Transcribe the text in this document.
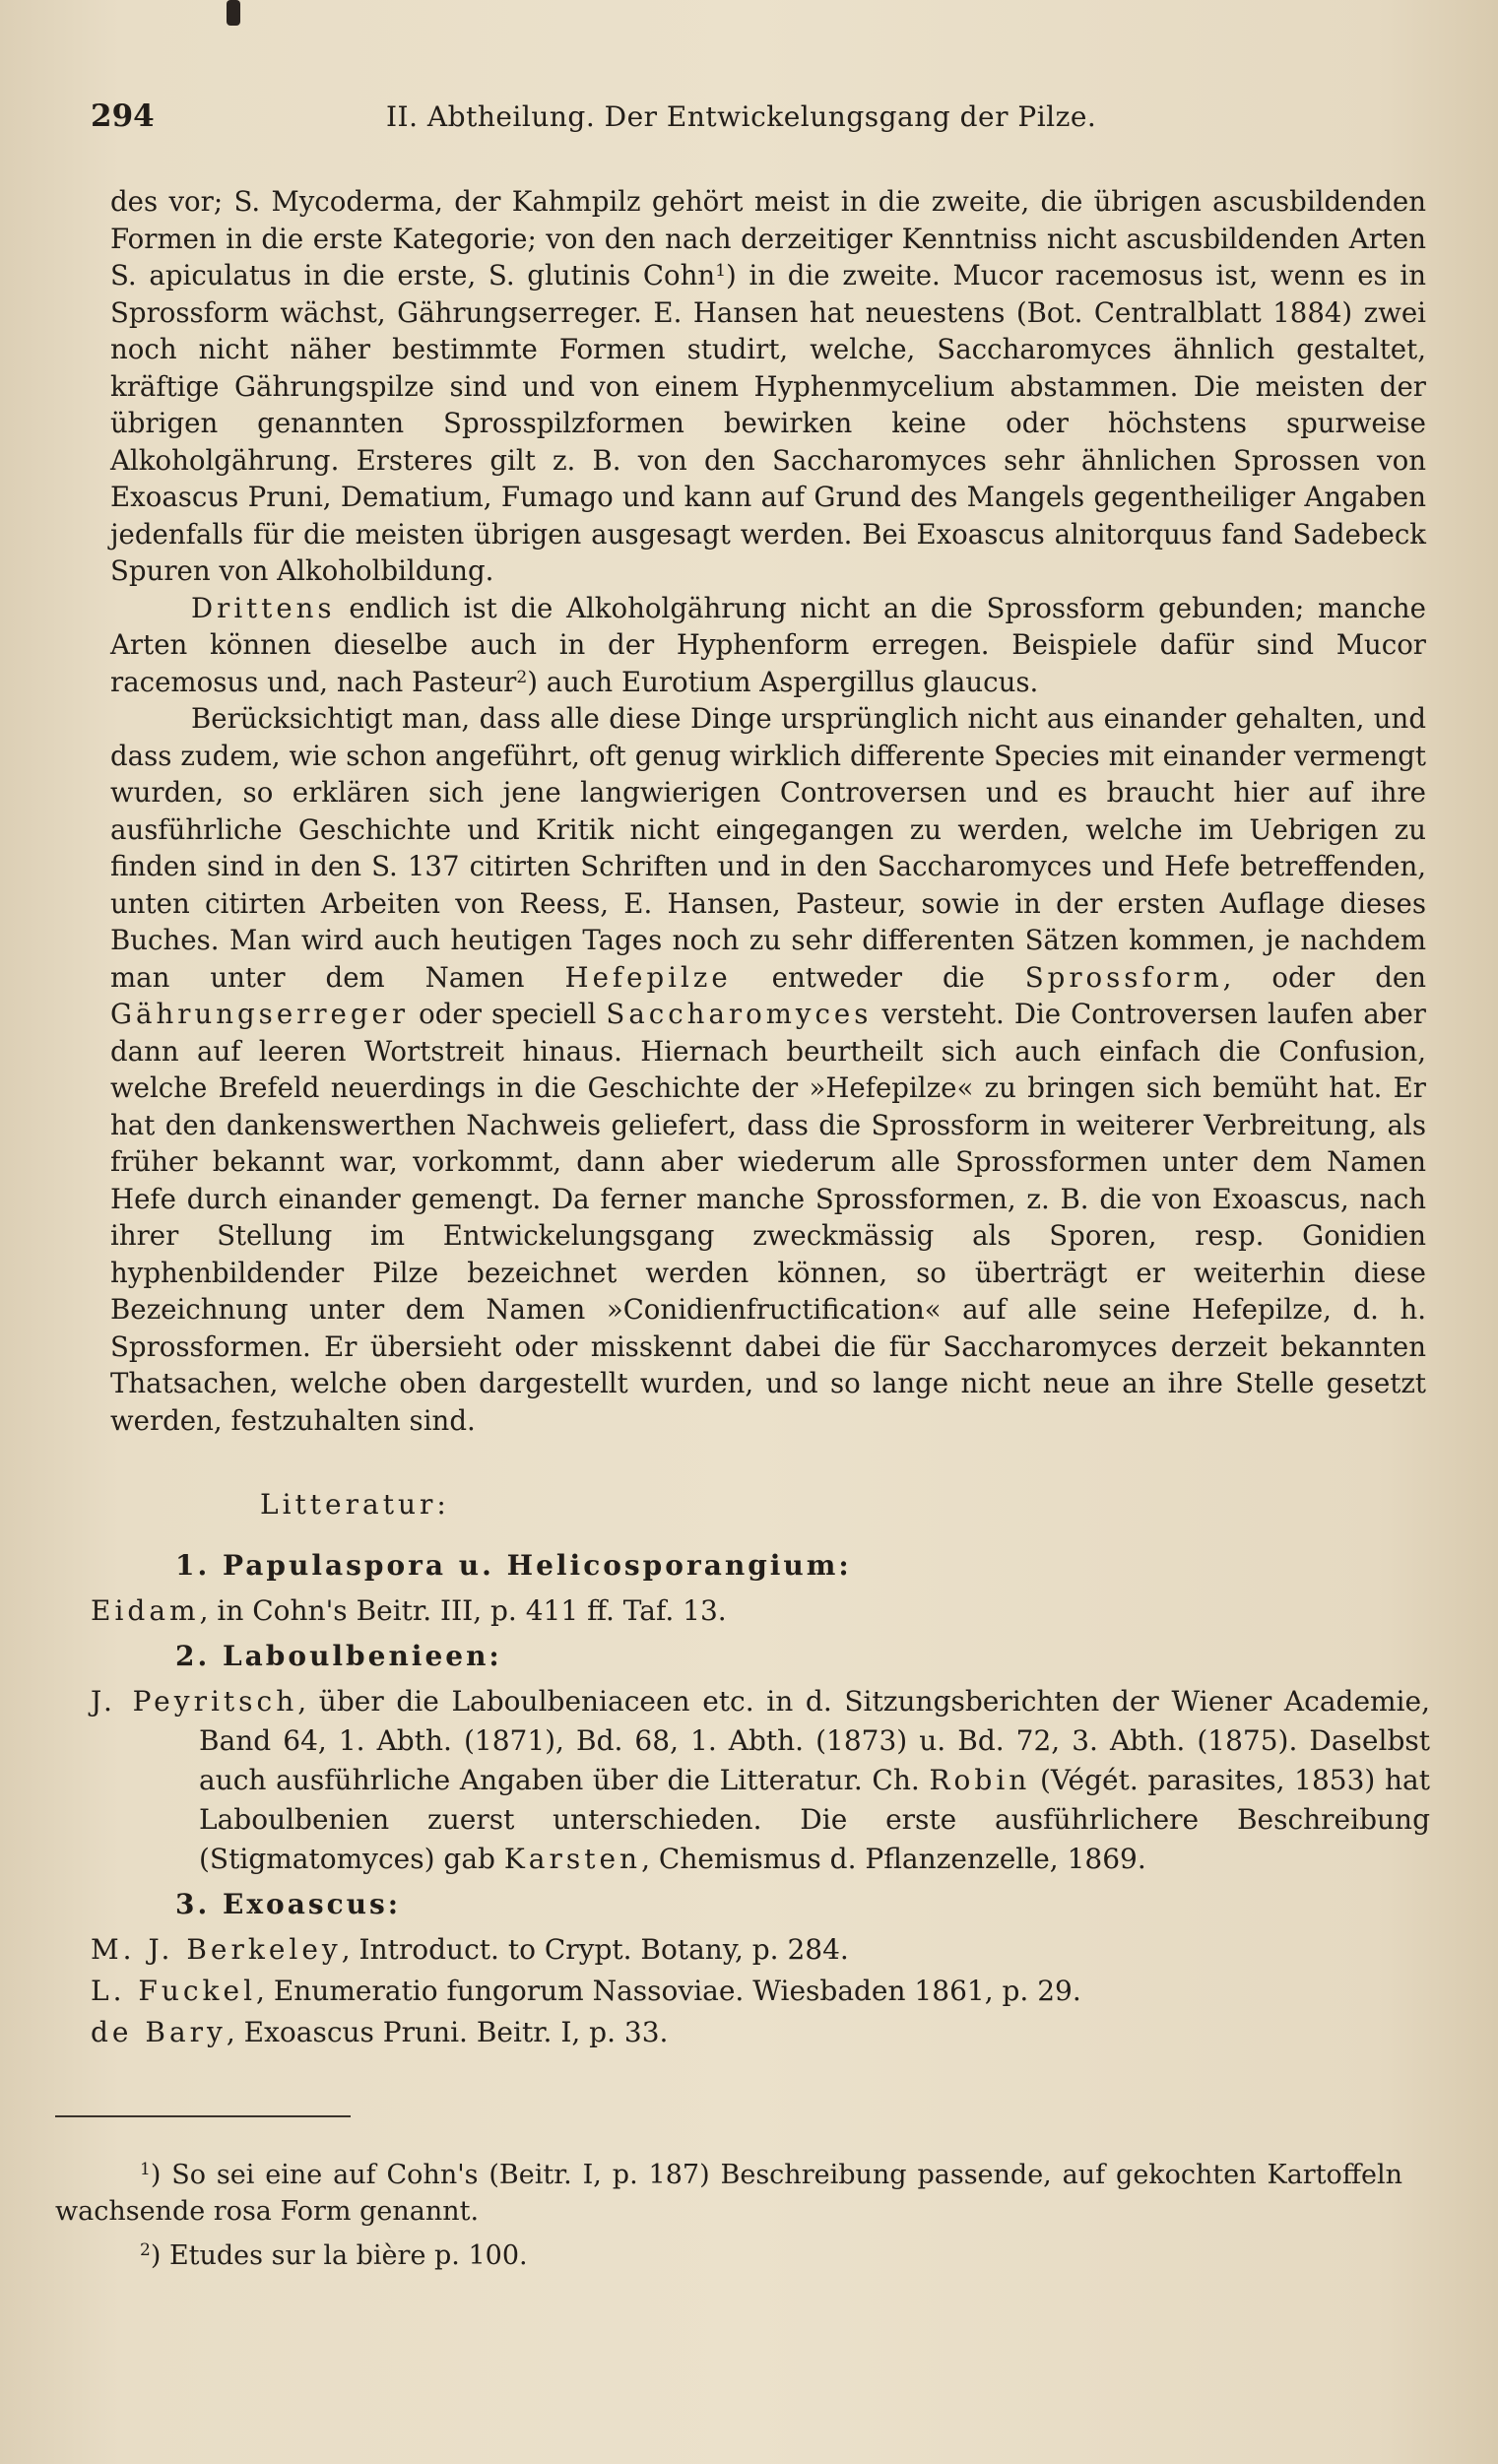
294	II. Abtheilung. Der Entwickelungsgang der Pilze.

des vor; S. Mycoderma, der Kahmpilz gehört meist in die zweite, die übrigen ascusbildenden Formen in die erste Kategorie; von den nach derzeitiger Kenntniss nicht ascusbildenden Arten S. apiculatus in die erste, S. glutinis Cohn$^1$) in die zweite. Mucor racemosus ist, wenn es in Sprossform wächst, Gährungserreger. E. Hansen hat neuestens (Bot. Centralblatt 1884) zwei noch nicht näher bestimmte Formen studirt, welche, Saccharomyces ähnlich gestaltet, kräftige Gährungspilze sind und von einem Hyphenmycelium abstammen. Die meisten der übrigen genannten Sprosspilzformen bewirken keine oder höchstens spurweise Alkoholgährung. Ersteres gilt z. B. von den Saccharomyces sehr ähnlichen Sprossen von Exoascus Pruni, Dematium, Fumago und kann auf Grund des Mangels gegentheiliger Angaben jedenfalls für die meisten übrigen ausgesagt werden. Bei Exoascus alnitorquus fand Sadebeck Spuren von Alkoholbildung.

Drittens endlich ist die Alkoholgährung nicht an die Sprossform gebunden; manche Arten können dieselbe auch in der Hyphenform erregen. Beispiele dafür sind Mucor racemosus und, nach Pasteur$^2$) auch Eurotium Aspergillus glaucus.

Berücksichtigt man, dass alle diese Dinge ursprünglich nicht aus einander gehalten, und dass zudem, wie schon angeführt, oft genug wirklich differente Species mit einander vermengt wurden, so erklären sich jene langwierigen Controversen und es braucht hier auf ihre ausführliche Geschichte und Kritik nicht eingegangen zu werden, welche im Uebrigen zu finden sind in den S. 137 citirten Schriften und in den Saccharomyces und Hefe betreffenden, unten citirten Arbeiten von Reess, E. Hansen, Pasteur, sowie in der ersten Auflage dieses Buches. Man wird auch heutigen Tages noch zu sehr differenten Sätzen kommen, je nachdem man unter dem Namen Hefepilze entweder die Sprossform, oder den Gährungserreger oder speciell Saccharomyces versteht. Die Controversen laufen aber dann auf leeren Wortstreit hinaus. Hiernach beurtheilt sich auch einfach die Confusion, welche Brefeld neuerdings in die Geschichte der »Hefepilze« zu bringen sich bemüht hat. Er hat den dankenswerthen Nachweis geliefert, dass die Sprossform in weiterer Verbreitung, als früher bekannt war, vorkommt, dann aber wiederum alle Sprossformen unter dem Namen Hefe durch einander gemengt. Da ferner manche Sprossformen, z. B. die von Exoascus, nach ihrer Stellung im Entwickelungsgang zweckmässig als Sporen, resp. Gonidien hyphenbildender Pilze bezeichnet werden können, so überträgt er weiterhin diese Bezeichnung unter dem Namen »Conidienfructification« auf alle seine Hefepilze, d. h. Sprossformen. Er übersieht oder misskennt dabei die für Saccharomyces derzeit bekannten Thatsachen, welche oben dargestellt wurden, und so lange nicht neue an ihre Stelle gesetzt werden, festzuhalten sind.

Litteratur:
1. Papulaspora u. Helicosporangium:
Eidam, in Cohn's Beitr. III, p. 411 ff. Taf. 13.
2. Laboulbenieen:
J. Peyritsch, über die Laboulbeniaceen etc. in d. Sitzungsberichten der Wiener Academie, Band 64, 1. Abth. (1871), Bd. 68, 1. Abth. (1873) u. Bd. 72, 3. Abth. (1875). Daselbst auch ausführliche Angaben über die Litteratur. Ch. Robin (Végét. parasites, 1853) hat Laboulbenien zuerst unterschieden. Die erste ausführlichere Beschreibung (Stigmatomyces) gab Karsten, Chemismus d. Pflanzenzelle, 1869.
3. Exoascus:
M. J. Berkeley, Introduct. to Crypt. Botany, p. 284.
L. Fuckel, Enumeratio fungorum Nassoviae. Wiesbaden 1861, p. 29.
de Bary, Exoascus Pruni. Beitr. I, p. 33.

$^1$) So sei eine auf Cohn's (Beitr. I, p. 187) Beschreibung passende, auf gekochten Kartoffeln wachsende rosa Form genannt.

$^2$) Etudes sur la bière p. 100.
